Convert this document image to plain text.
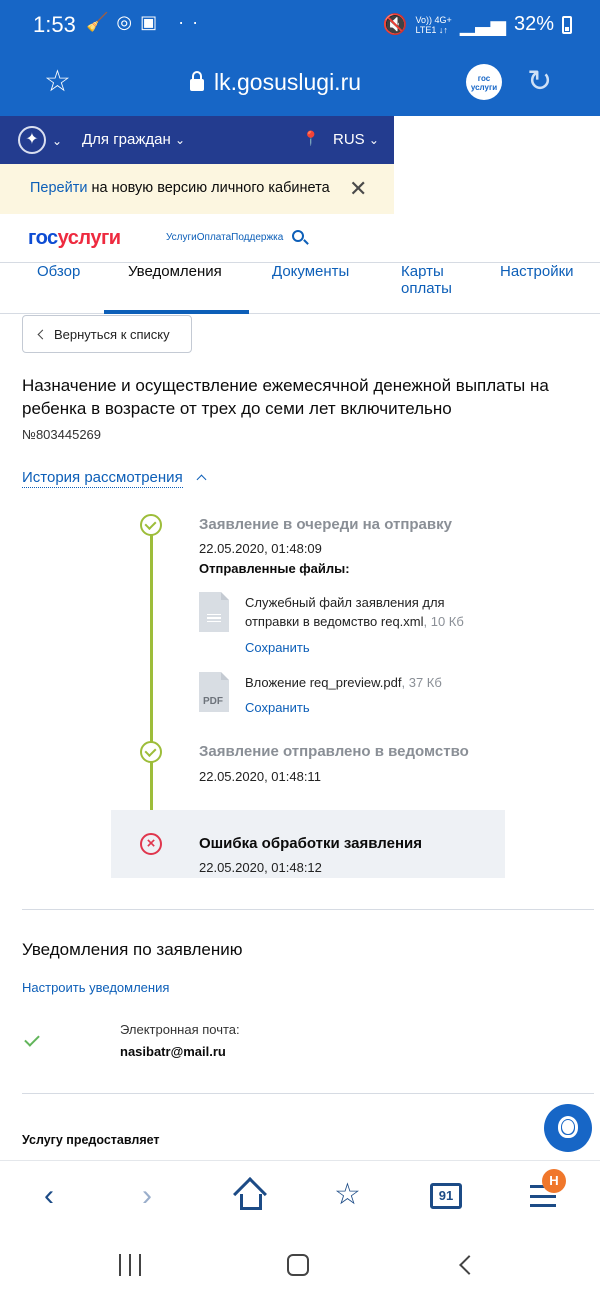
1:53 🧹◎▣ ··	🔇 Vo)) 4G+
LTE1 ↓↑ ▁▃▅ 32%
☆	lk.gosuslugi.ru	гос
услуги ↻
✦	⌄ Для граждан ⌄	📍 RUS ⌄
Перейти на новую версию личного кабинета ✕
госуслуги	УслугиОплатаПоддержка
Обзор	Уведомления	Документы	Карты оплаты
Настройки
Вернуться к списку
Назначение и осуществление ежемесячной денежной выплаты на ребенка в возрасте от трех до семи лет включительно
№803445269
История рассмотрения
Заявление в очереди на отправку
22.05.2020, 01:48:09
Отправленные файлы:
Служебный файл заявления для отправки в ведомство req.xml, 10 Кб
Сохранить
PDF
Вложение req_preview.pdf, 37 Кб
Сохранить
Заявление отправлено в ведомство
22.05.2020, 01:48:11
×	Ошибка обработки заявления
22.05.2020, 01:48:12
Уведомления по заявлению
Настроить уведомления
Электронная почта:
nasibatr@mail.ru
Услугу предоставляет
‹	›	☆	91
Н
